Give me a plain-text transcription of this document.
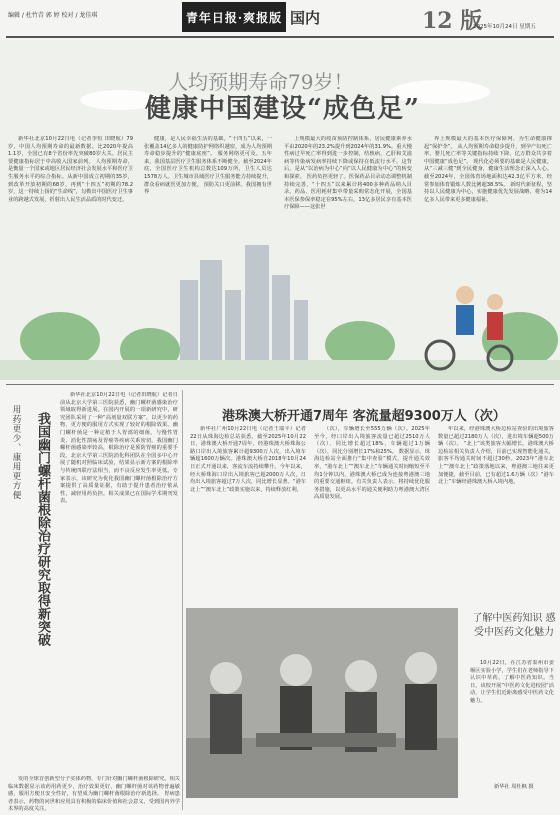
编辑 / 杜竹青 郭 婷 校对 / 龙佳琪	青年日报·爽报版 国内	12 版
2025年10月24日 星期五
人均预期寿命79岁！
健康中国建设“成色足”

新华社北京10月22日电（记者李恒 田晓航）79岁，中国人均预期寿命的最新数据。比2020年提高1.1岁，全国已有8个省份率先突破80岁大关。居民主要健康指标居于中高收入国家前列。 人均预期寿命，是衡量一个国家或地区居民经济社会发展水平和医疗卫生服务水平的综合指标。从新中国成立初期的35岁，到改革开放初期的68岁，再到“十四五”初期的78.2岁，这一持续上扬的“生命线”，勾勒出中国医疗卫生事业的跨越式发展，折射出人民生活品质的时代变迁。

健康，是人民幸福生活的基础。“十四五”以来，一张覆盖14亿多人的健康防护网络织越密，成为人均预期寿命稳步提升的“健康底座”。 服务网络更可及。五年来，我国基层医疗卫生服务体系不断健全。截至2024年底，全国医疗卫生机构总数达109万所，卫生人员达1578万人。卫生城市县域医疗卫生服务能力持续提升，群众看病就医更加方便。 预防关口更前移。我国拥有世界

上规模最大的疫苗预防控制体系，居民健康素养水平由2020年的23.2%提升到2024年的31.9%。重大慢性病过早死亡率得到进一步控制，结核病、乙肝和艾滋病等传染病发病率持续下降或保持在低流行水平。这背后，是从“以治病为中心”向“以人民健康为中心”的转变和探索。 医药负担更轻了。医保药品目录动态调整机制持续完善，“十四五”以来累计将400多种药品纳入目录。药品、医用耗材集中带量采购常态化开展，全国基本医保参保率稳定在95%左右，13亿多居民享有基本医疗保障——这张世

界上规模最大的基本医疗保障网，为生命健康撑起“保护伞”。 从人均预期寿命稳步提升，到孕产妇死亡率、婴儿死亡率等关键指标持续下降，亿万群众共享着中国健康“成色足”。 现代化必须要的基础是人民健康。从“三减三健”到全民健身，健康生活理念正深入人心。截至2024年，全国体育场地面积达42.3亿平方米，经常参加体育锻炼人数比例超38.5%。 新时代新征程，坚持以人民健康为中心，实施健康优先发展战略，将为14亿多人民带来更多健康福祉。

用药更少、康用更方便 我国幽门螺杆菌根除治疗研究取得新突破

新华社北京10月22日电（记者田晓航）记者日前从北京大学第三医院获悉，幽门螺杆菌感染治疗领域取得新进展。在国内开展的一项新研究中，研究团队采用了一种“高剂量双联方案”，以更少的药物、更方便的服用方式实现了较好的根除效果。幽门螺杆菌是一种定植于人胃部的细菌，与慢性胃炎、消化性溃疡及胃癌等疾病关系密切。我国幽门螺杆菌感染率较高，根除治疗是预防胃癌的重要手段。北京大学第三医院消化科团队在全国多中心开展了随机对照临床试验，结果显示新方案的根除率与传统四联疗法相当，而不良反应发生率更低。专家表示，该研究为优化我国幽门螺杆菌根除治疗方案提供了高质量证据，有助于提升患者治疗依从性，减轻用药负担。相关成果已在国际学术期刊发表。

发的全球首创新型分子实体药物，专门针对幽门螺杆菌根除研究。相关临床数据显示该药用药更少，治疗效果更好，幽门螺杆菌对该药物普遍敏感，服用方便且安全性好，有望成为幽门螺杆菌根除治疗新选择。 胃病患者表示，药物的问世和应用具有积极的临床价值和社会意义，受到国内外学术界的高度关注。

港珠澳大桥开通7周年 客流量超9300万人（次）

新华社广州10月22日电（记者王瑞平）记者22日从珠海边检总站获悉，截至2025年10月22日，港珠澳大桥开通7周年，经港珠澳大桥珠海公路口岸出入境旅客累计超9300万人次，出入境车辆超1600万辆次。港珠澳大桥自2018年10月24日正式开通以来，客流车流持续攀升。今年以来，经大桥珠海口岸出入境旅客已超2000万人次，日均出入境旅客超过7万人次，同比增长显著。“港车北上”“澳车北上”政策实施以来，持续释放红利，

（次），车辆增长至555万辆（次）。2025年至今，经口岸出入境旅客流量已超过2510万人（次）、同比增长超过18%，车辆超过1万辆（次），同比分别增长17%和25%。 数据显示，珠海边检站全面推行“集中查验”模式，提升通关效率，“港车北上”“澳车北上”车辆通关时间缩短至平均1分钟以内，港珠澳大桥已成为连接粤港澳三地的重要交通枢纽。有关负责人表示，将持续优化服务措施，以更高水平的通关便利助力粤港澳大湾区高质量发展。

年以来，经港珠澳大桥边检站查验的出境旅客数量已超过2180万人（次），进出境车辆超500万辆（次）。 “北上”该类旅客大幅增长。港珠澳大桥边检站相关负责人介绍，目前已实现智能化通关，旅客平均通关时间不超过30秒。2023年“港车北上”“澳车北上”政策落地以来，粤港澳三地往来更加便捷，截至目前，已有超过1.6万辆（次）“港车北上”车辆经港珠澳大桥入境内地。

了解中医药知识 感受中医药文化魅力

10月22日，在江苏省泰州市姜堰区实验小学，学生们在老师指导下认识中草药，了解中医药知识。当日，该校开展“中医药文化进校园”活动，让学生们近距离感受中医药文化魅力。

新华社 周杜枫 摄
